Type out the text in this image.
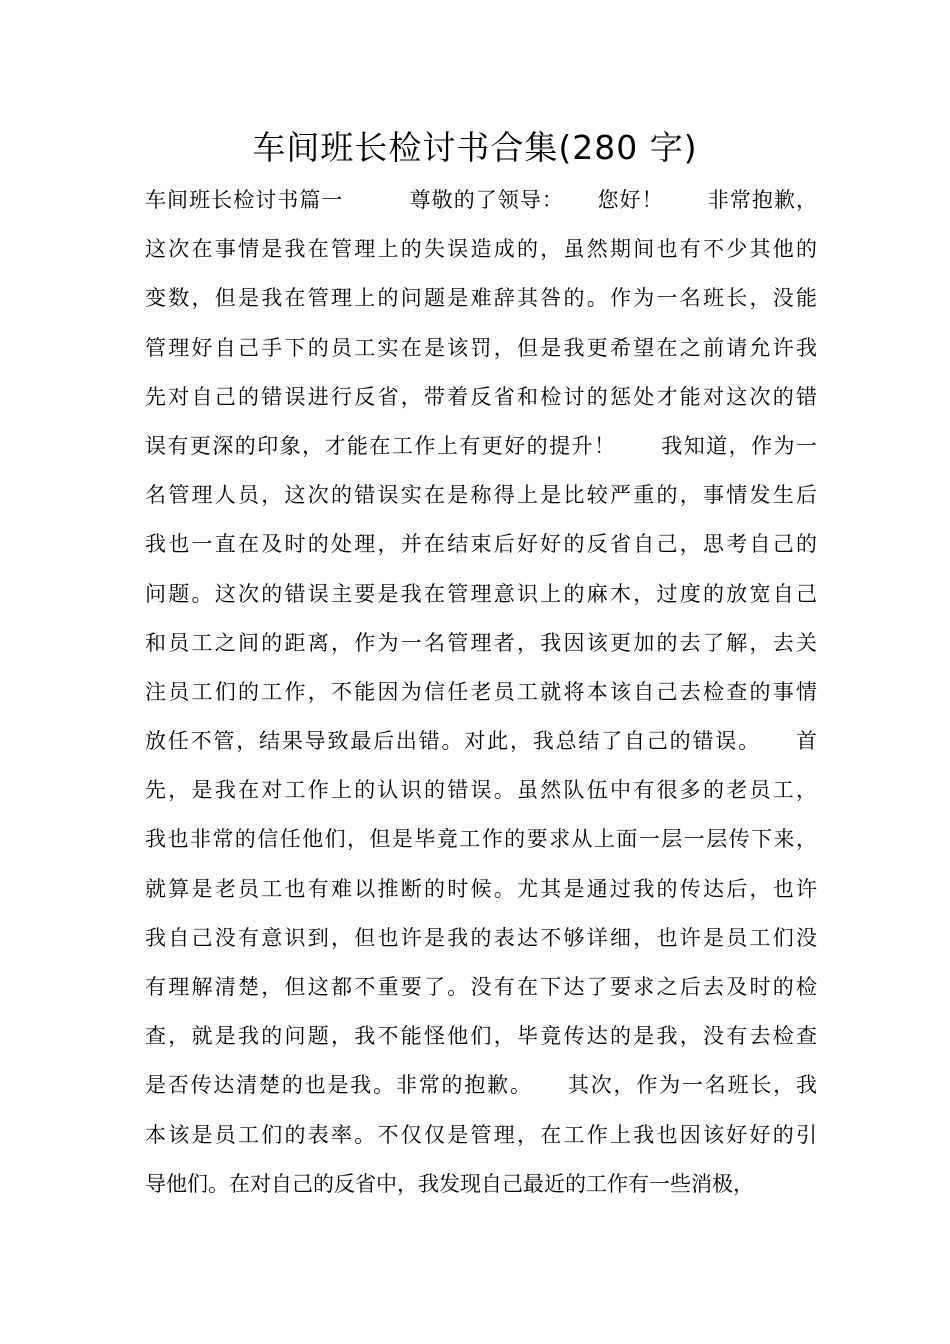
车间班长检讨书合集(280 字)
车间班长检讨书篇一　　　尊敬的了领导：　　您好！　　非常抱歉，
这次在事情是我在管理上的失误造成的，虽然期间也有不少其他的
变数，但是我在管理上的问题是难辞其咎的。作为一名班长，没能
管理好自己手下的员工实在是该罚，但是我更希望在之前请允许我
先对自己的错误进行反省，带着反省和检讨的惩处才能对这次的错
误有更深的印象，才能在工作上有更好的提升！　　我知道，作为一
名管理人员，这次的错误实在是称得上是比较严重的，事情发生后
我也一直在及时的处理，并在结束后好好的反省自己，思考自己的
问题。这次的错误主要是我在管理意识上的麻木，过度的放宽自己
和员工之间的距离，作为一名管理者，我因该更加的去了解，去关
注员工们的工作，不能因为信任老员工就将本该自己去检查的事情
放任不管，结果导致最后出错。对此，我总结了自己的错误。　　首
先，是我在对工作上的认识的错误。虽然队伍中有很多的老员工，
我也非常的信任他们，但是毕竟工作的要求从上面一层一层传下来，
就算是老员工也有难以推断的时候。尤其是通过我的传达后，也许
我自己没有意识到，但也许是我的表达不够详细，也许是员工们没
有理解清楚，但这都不重要了。没有在下达了要求之后去及时的检
查，就是我的问题，我不能怪他们，毕竟传达的是我，没有去检查
是否传达清楚的也是我。非常的抱歉。　　其次，作为一名班长，我
本该是员工们的表率。不仅仅是管理，在工作上我也因该好好的引
导他们。在对自己的反省中，我发现自己最近的工作有一些消极，
